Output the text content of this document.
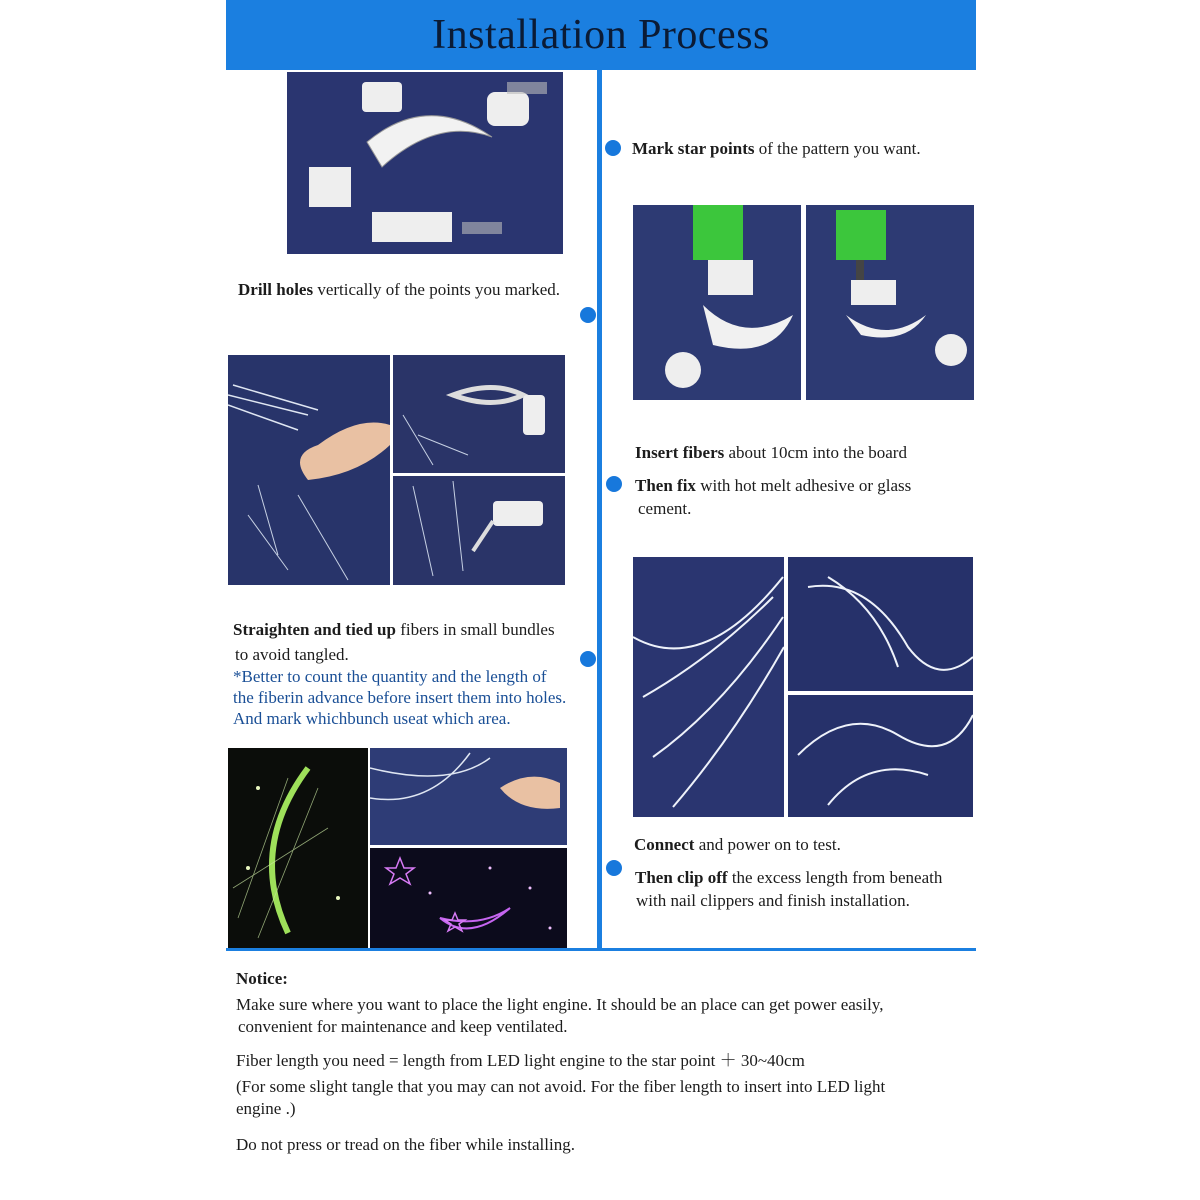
Installation Process
Mark star points of the pattern you want.
Drill holes vertically of the points you marked.
Insert fibers about 10cm into the board
Then fix with hot melt adhesive or glass
cement.
Straighten and tied up fibers in small bundles
to avoid tangled.
*Better to count the quantity and the length of
the fiberin advance before insert them into holes.
And mark whichbunch useat which area.
Connect and power on to test.
Then clip off the excess length from beneath
with nail clippers and finish installation.
Notice:
Make sure where you want to place the light engine. It should be an place can get power easily,
convenient for maintenance and keep ventilated.
Fiber length you need = length from LED light engine to the star point ＋ 30~40cm
(For some slight tangle that you may can not avoid. For the fiber length to insert into LED light
engine .)
Do not press or tread on the fiber while installing.
